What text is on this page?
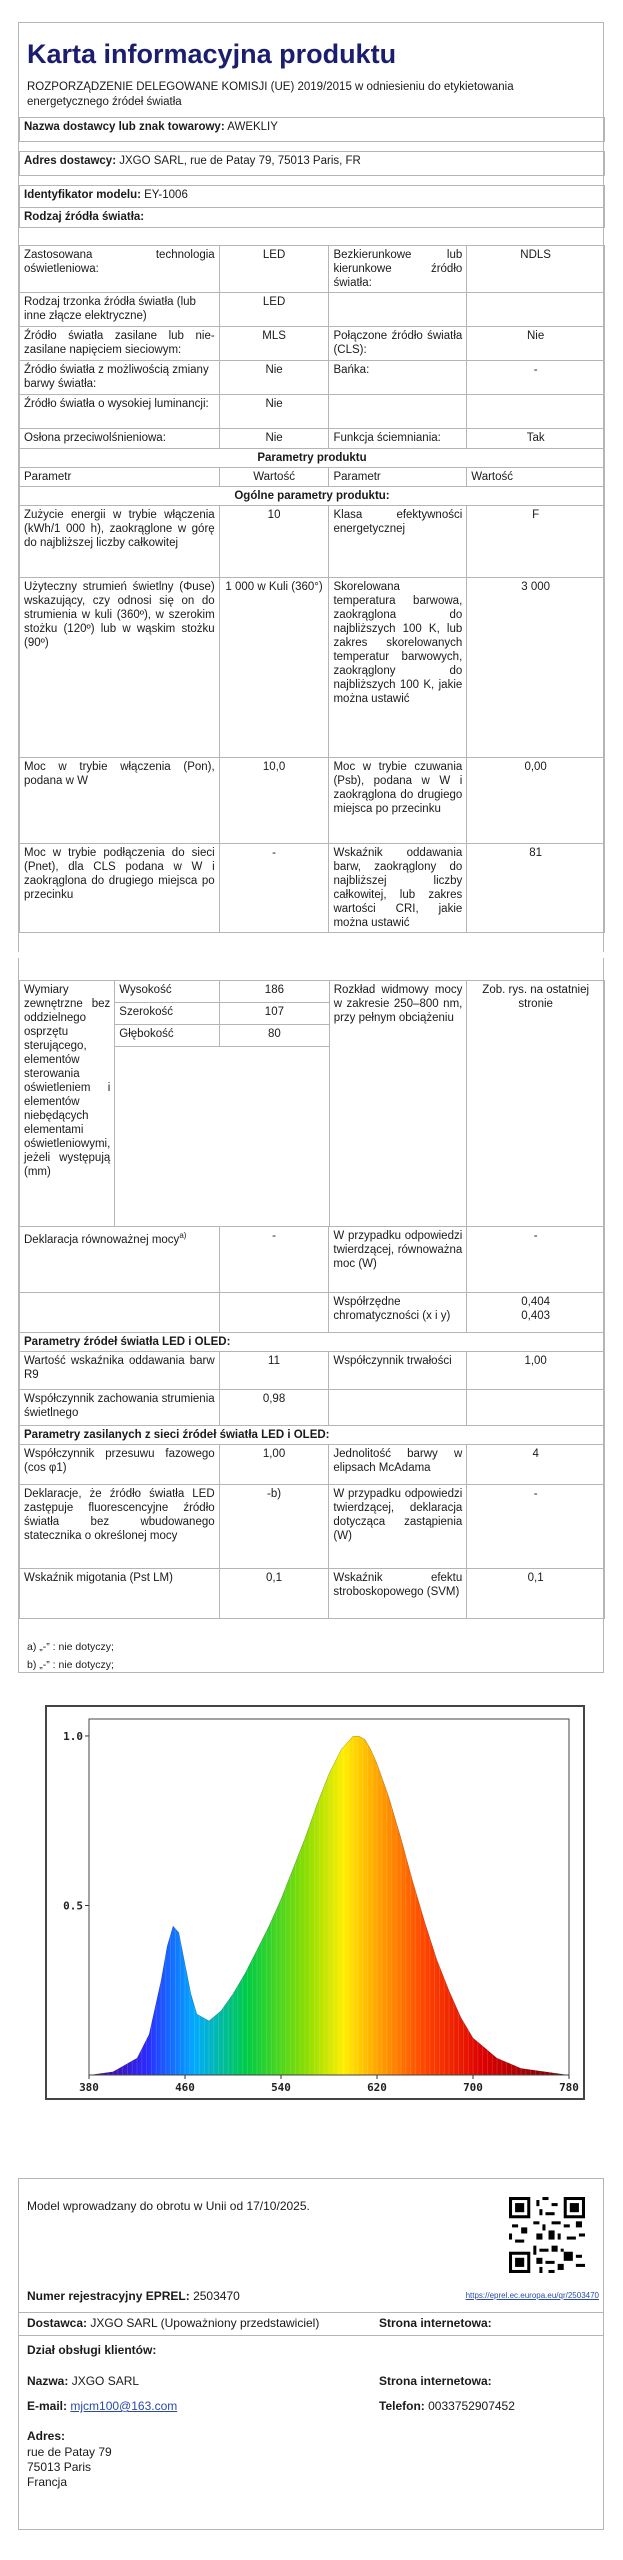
Karta informacyjna produktu
ROZPORZĄDZENIE DELEGOWANE KOMISJI (UE) 2019/2015 w odniesieniu do etykietowania energetycznego źródeł światła
Nazwa dostawcy lub znak towarowy: AWEKLIY

Adres dostawcy: JXGO SARL, rue de Patay 79, 75013 Paris, FR

Identyfikator modelu: EY-1006
Rodzaj źródła światła:
Zastosowana technologia oświetleniowa:	LED	Bezkierunkowe lub kierunkowe źródło światła:	NDLS
Rodzaj trzonka źródła światła (lub inne złącze elektryczne)	LED		
Źródło światła zasilane lub nie-zasilane napięciem sieciowym:	MLS	Połączone źródło światła (CLS):	Nie
Źródło światła z możliwością zmiany barwy światła:	Nie	Bańka:	-
Źródło światła o wysokiej luminancji:	Nie		
Osłona przeciwolśnieniowa:	Nie	Funkcja ściemniania:	Tak
Parametry produktu			
Parametr	Wartość	Parametr	Wartość
Ogólne parametry produktu:			
Zużycie energii w trybie włączenia (kWh/1 000 h), zaokrąglone w górę do najbliższej liczby całkowitej	10	Klasa efektywności energetycznej	F
Użyteczny strumień świetlny (Φuse) wskazujący, czy odnosi się on do strumienia w kuli (360º), w szerokim stożku (120º) lub w wąskim stożku (90º)	1 000 w Kuli (360°)	Skorelowana temperatura barwowa, zaokrąglona do najbliższych 100 K, lub zakres skorelowanych temperatur barwowych, zaokrąglony do najbliższych 100 K, jakie można ustawić	3 000
Moc w trybie włączenia (Pon), podana w W	10,0	Moc w trybie czuwania (Psb), podana w W i zaokrąglona do drugiego miejsca po przecinku	0,00
Moc w trybie podłączenia do sieci (Pnet), dla CLS podana w W i zaokrąglona do drugiego miejsca po przecinku	-	Wskaźnik oddawania barw, zaokrąglony do najbliższej liczby całkowitej, lub zakres wartości CRI, jakie można ustawić	81
Wymiary zewnętrzne bez oddzielnego osprzętu sterującego, elementów sterowania oświetleniem i elementów niebędących elementami oświetleniowymi, jeżeli występują (mm)	Wysokość	186	Rozkład widmowy mocy w zakresie 250–800 nm, przy pełnym obciążeniu	Zob. rys. na ostatniej stronie
	Szerokość	107		
	Głębokość	80		

Deklaracja równoważnej mocy$^{a)}$	-	W przypadku odpowiedzi twierdzącej, równoważna moc (W)	-
		Współrzędne chromatyczności (x i y)	0,404
0,403

Parametry źródeł światła LED i OLED:			
Wartość wskaźnika oddawania barw R9	11	Współczynnik trwałości	1,00
Współczynnik zachowania strumienia świetlnego	0,98		
Parametry zasilanych z sieci źródeł światła LED i OLED:			
Współczynnik przesuwu fazowego (cos φ1)	1,00	Jednolitość barwy w elipsach McAdama	4
Deklaracje, że źródło światła LED zastępuje fluorescencyjne źródło światła bez wbudowanego statecznika o określonej mocy	-b)	W przypadku odpowiedzi twierdzącej, deklaracja dotycząca zastąpienia (W)	-
Wskaźnik migotania (Pst LM)	0,1	Wskaźnik efektu stroboskopowego (SVM)	0,1
a) „-” : nie dotyczy;
b) „-” : nie dotyczy;
1.0
0.5
380	460	540	620	700	780
Model wprowadzany do obrotu w Unii od 17/10/2025.
Numer rejestracyjny EPREL: 2503470	https://eprel.ec.europa.eu/qr/2503470
Dostawca: JXGO SARL (Upoważniony przedstawiciel)	Strona internetowa:
Dział obsługi klientów:
Nazwa: JXGO SARL	Strona internetowa:
E-mail: mjcm100@163.com	Telefon: 0033752907452
Adres:
rue de Patay 79
75013 Paris
Francja
